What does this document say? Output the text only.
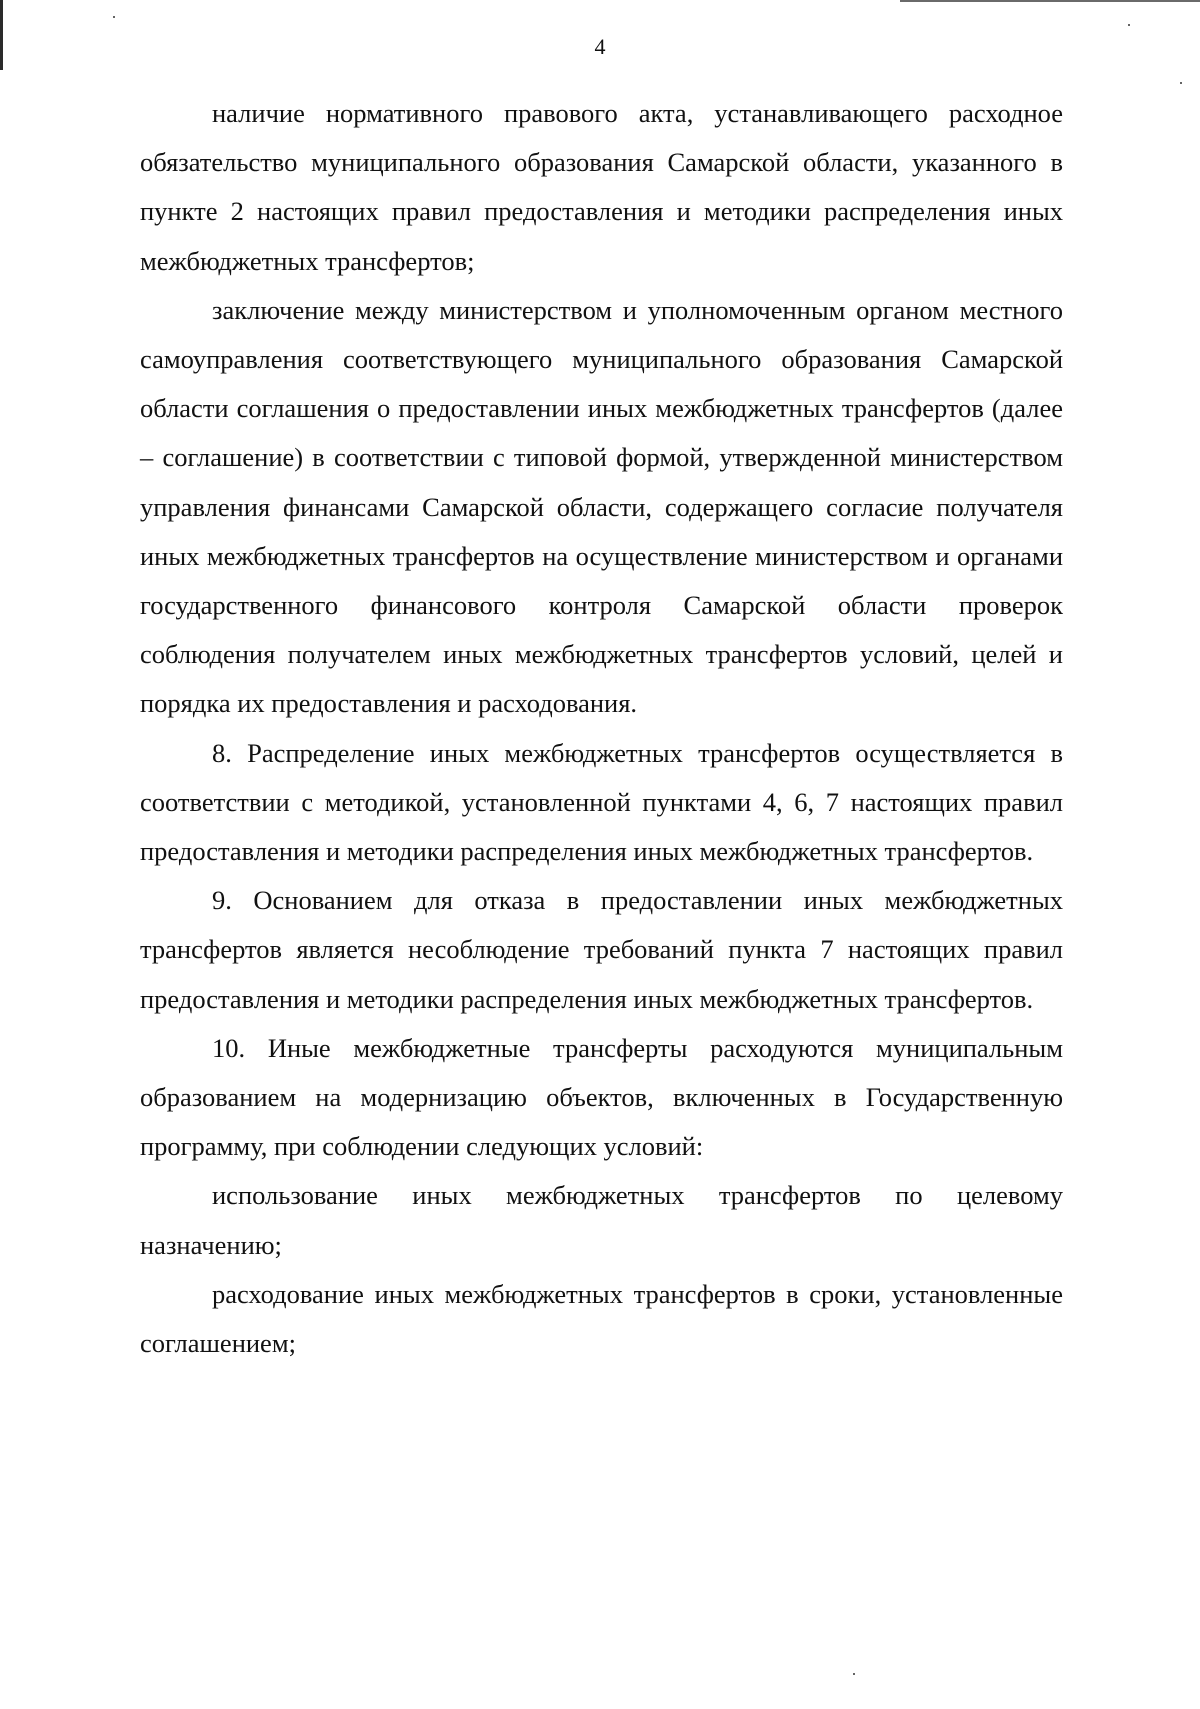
4

наличие нормативного правового акта, устанавливающего расходное обязательство муниципального образования Самарской области, указанного в пункте 2 настоящих правил предоставления и методики распределения иных межбюджетных трансфертов;

заключение между министерством и уполномоченным органом местного самоуправления соответствующего муниципального образования Самарской области соглашения о предоставлении иных межбюджетных трансфертов (далее – соглашение) в соответствии с типовой формой, утвержденной министерством управления финансами Самарской области, содержащего согласие получателя иных межбюджетных трансфертов на осуществление министерством и органами государственного финансового контроля Самарской области проверок соблюдения получателем иных межбюджетных трансфертов условий, целей и порядка их предоставления и расходования.

8. Распределение иных межбюджетных трансфертов осуществляется в соответствии с методикой, установленной пунктами 4, 6, 7 настоящих правил предоставления и методики распределения иных межбюджетных трансфертов.

9. Основанием для отказа в предоставлении иных межбюджетных трансфертов является несоблюдение требований пункта 7 настоящих правил предоставления и методики распределения иных межбюджетных трансфертов.

10. Иные межбюджетные трансферты расходуются муниципальным образованием на модернизацию объектов, включенных в Государственную программу, при соблюдении следующих условий:

использование иных межбюджетных трансфертов по целевому назначению;

расходование иных межбюджетных трансфертов в сроки, установленные соглашением;
